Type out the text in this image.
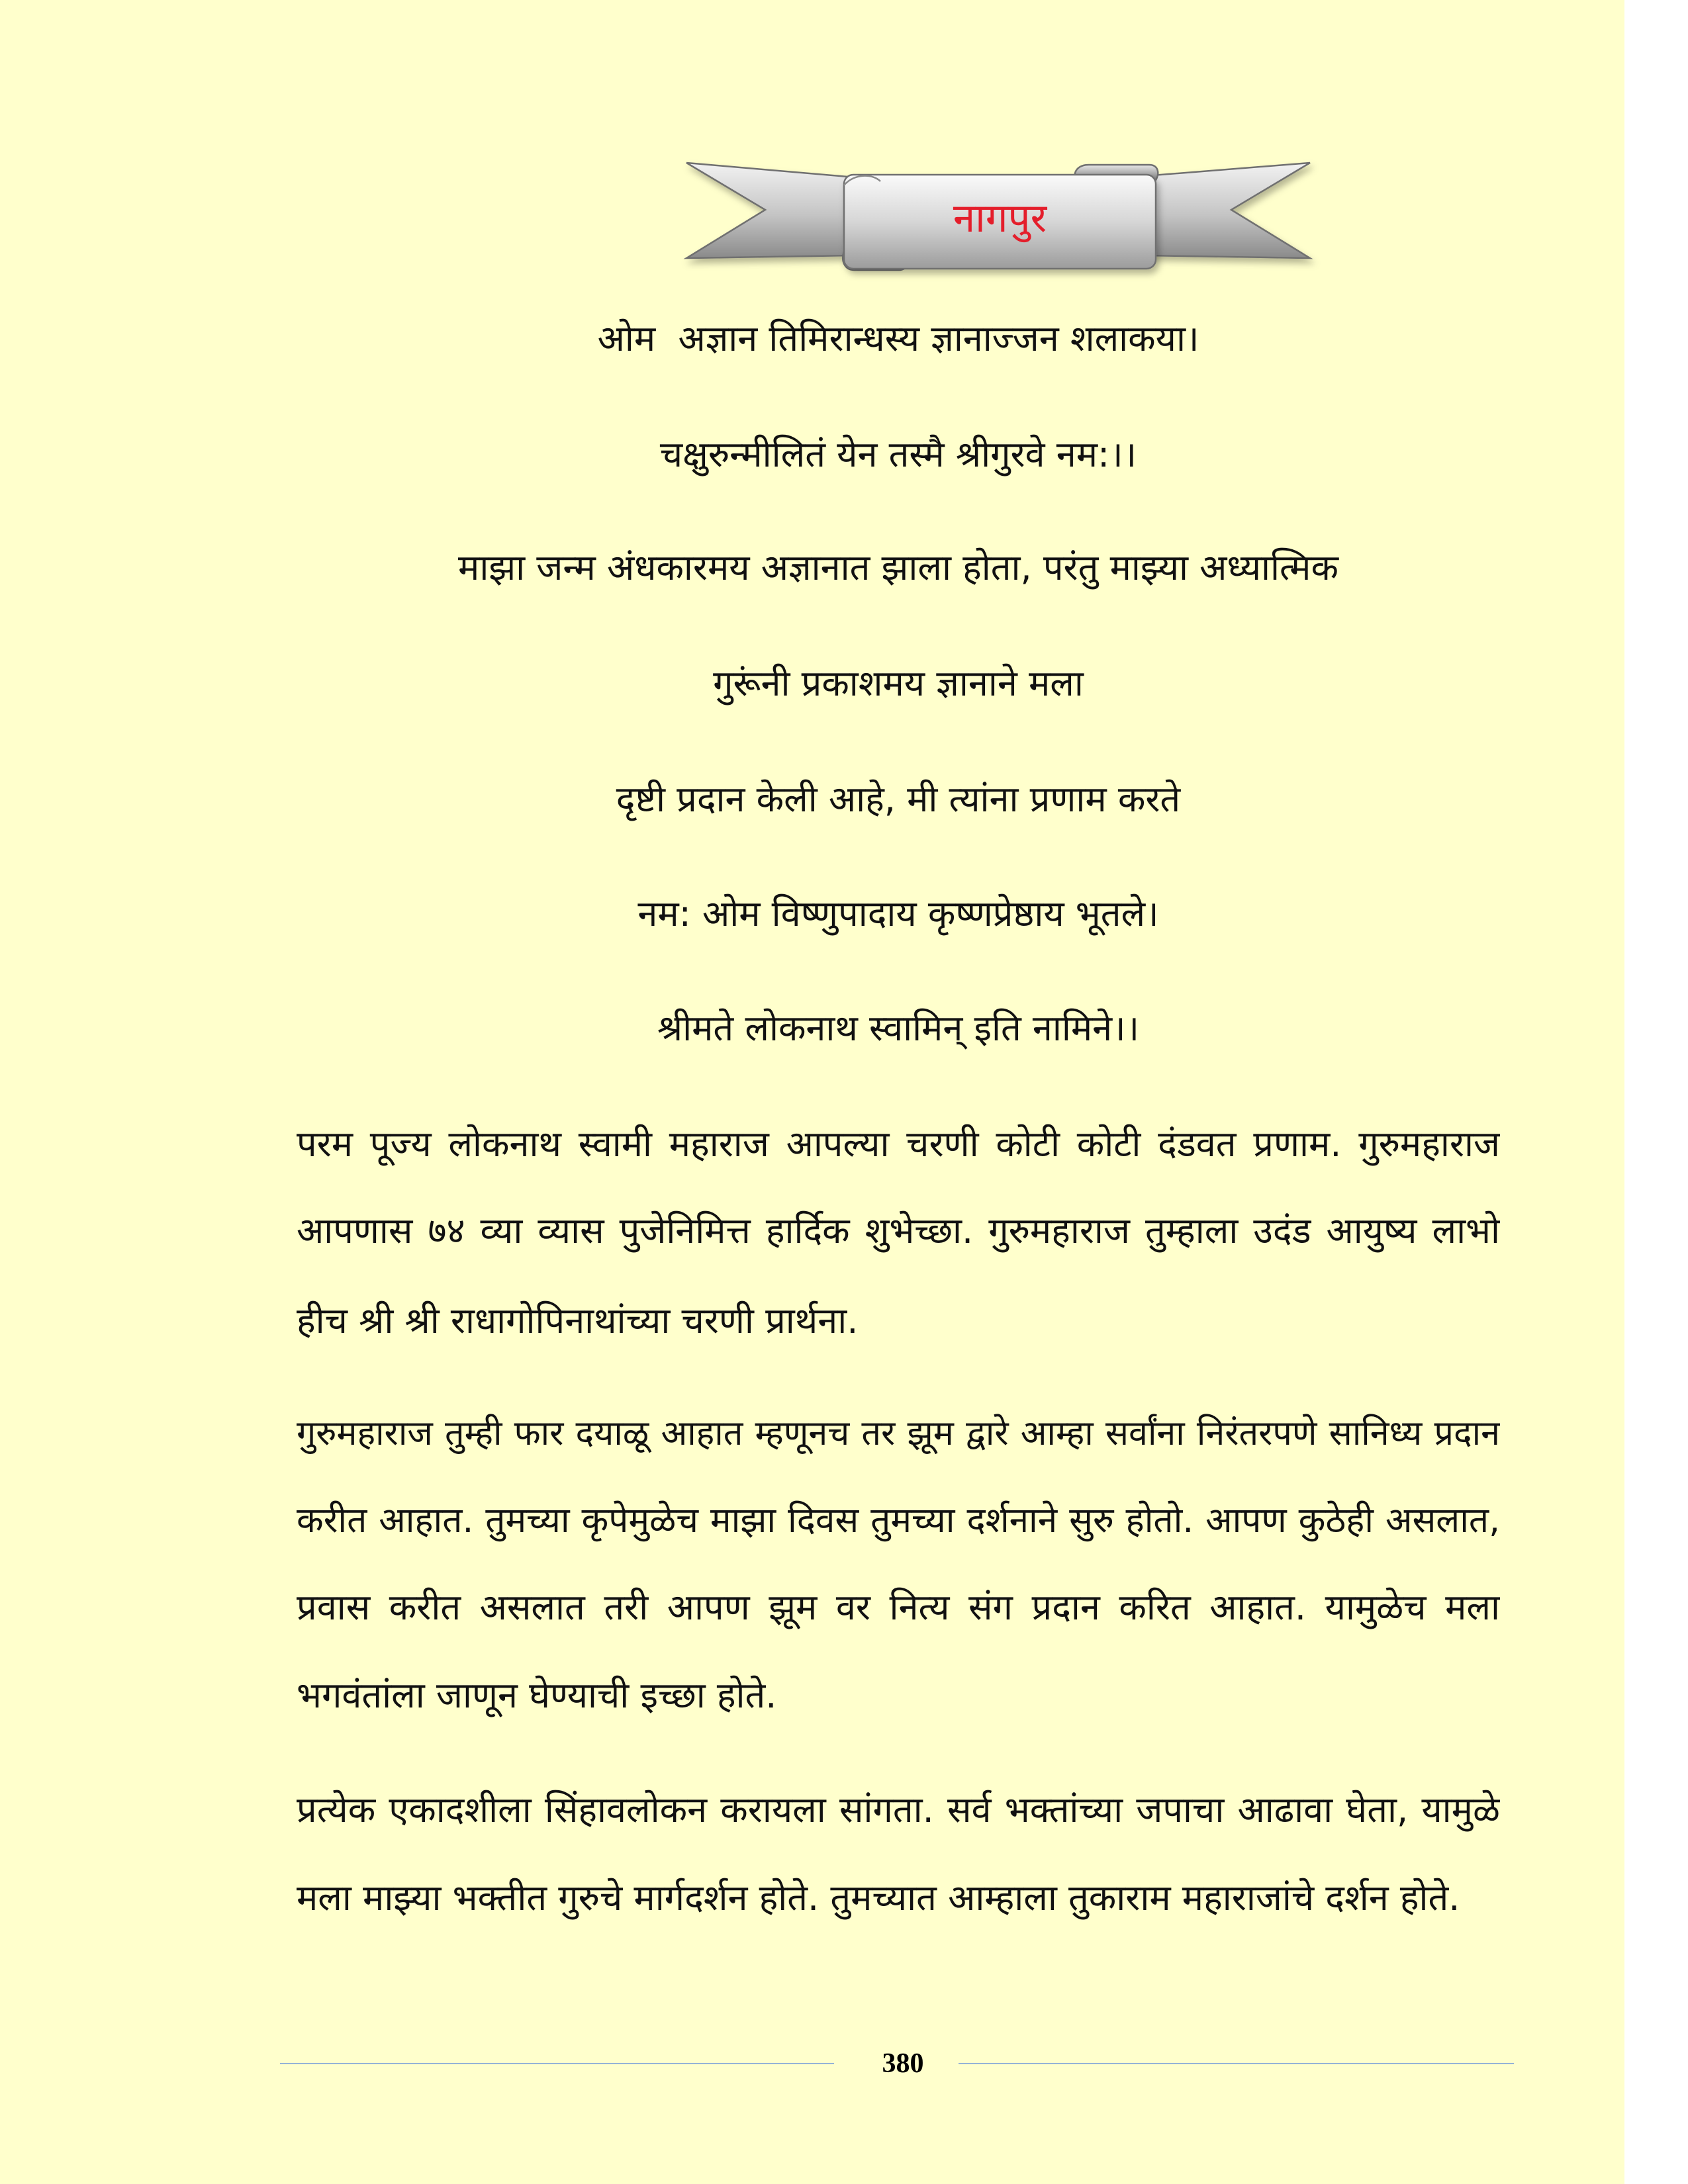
नागपुर
ओम  अज्ञान तिमिरान्धस्य ज्ञानाज्जन शलाकया।
चक्षुरुन्मीलितं येन तस्मै श्रीगुरवे नम:।।
माझा जन्म अंधकारमय अज्ञानात झाला होता, परंतु माझ्या अध्यात्मिक
गुरूंनी प्रकाशमय ज्ञानाने मला
दृष्टी प्रदान केली आहे, मी त्यांना प्रणाम करते
नम: ओम विष्णुपादाय कृष्णप्रेष्ठाय भूतले।
श्रीमते लोकनाथ स्वामिन् इति नामिने।।
परम पूज्य लोकनाथ स्वामी महाराज आपल्या चरणी कोटी कोटी दंडवत प्रणाम. गुरुमहाराज
आपणास ७४ व्या व्यास पुजेनिमित्त हार्दिक शुभेच्छा. गुरुमहाराज तुम्हाला उदंड आयुष्य लाभो
हीच श्री श्री राधागोपिनाथांच्या चरणी प्रार्थना.
गुरुमहाराज तुम्ही फार दयाळू आहात म्हणूनच तर झूम द्वारे आम्हा सर्वांना निरंतरपणे सानिध्य प्रदान
करीत आहात. तुमच्या कृपेमुळेच माझा दिवस तुमच्या दर्शनाने सुरु होतो. आपण कुठेही असलात,
प्रवास करीत असलात तरी आपण झूम वर नित्य संग प्रदान करित आहात. यामुळेच मला
भगवंतांला जाणून घेण्याची इच्छा होते.
प्रत्येक एकादशीला सिंहावलोकन करायला सांगता. सर्व भक्तांच्या जपाचा आढावा घेता, यामुळे
मला माझ्या भक्तीत गुरुचे मार्गदर्शन होते. तुमच्यात आम्हाला तुकाराम महाराजांचे दर्शन होते.
380
